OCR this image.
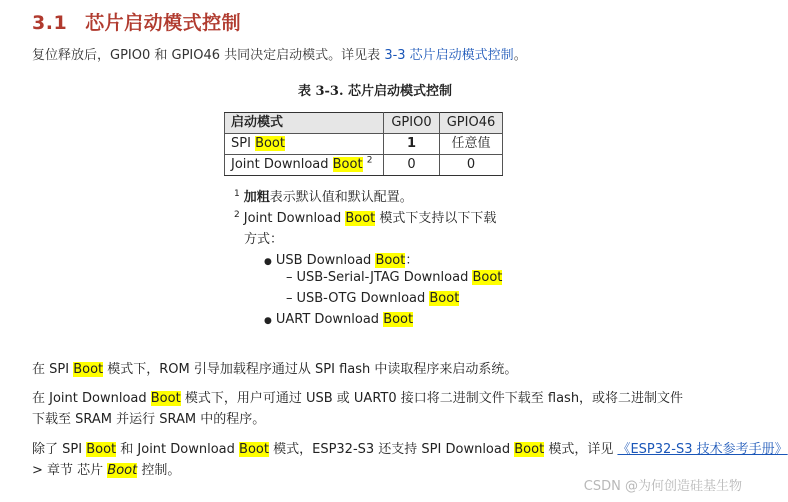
3.1 芯片启动模式控制
复位释放后，GPIO0 和 GPIO46 共同决定启动模式。详见表 3-3 芯片启动模式控制。
表 3-3. 芯片启动模式控制
启动模式	GPIO0	GPIO46
SPI Boot	1	任意值
Joint Download Boot $^2$	0	0
$^1$ 加粗表示默认值和默认配置。
$^2$ Joint Download Boot 模式下支持以下下载
方式：
● USB Download Boot：
– USB-Serial-JTAG Download Boot
– USB-OTG Download Boot
● UART Download Boot
在 SPI Boot 模式下，ROM 引导加载程序通过从 SPI flash 中读取程序来启动系统。
在 Joint Download Boot 模式下，用户可通过 USB 或 UART0 接口将二进制文件下载至 flash，或将二进制文件
下载至 SRAM 并运行 SRAM 中的程序。
除了 SPI Boot 和 Joint Download Boot 模式，ESP32-S3 还支持 SPI Download Boot 模式，详见 《ESP32-S3 技术参考手册》
> 章节 芯片 Boot 控制。
CSDN @为何创造硅基生物
